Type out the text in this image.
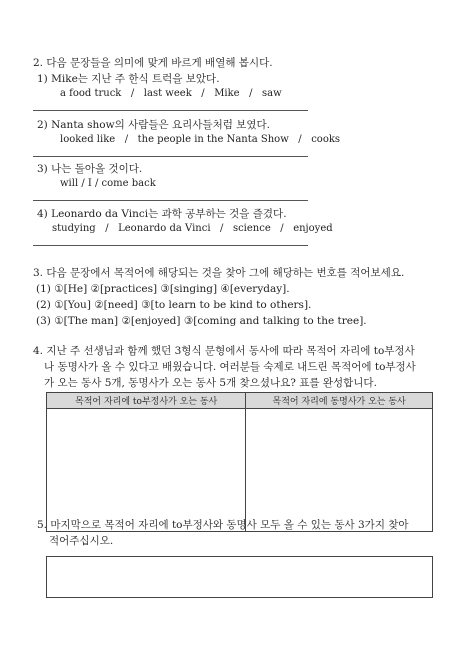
2. 다음 문장들을 의미에 맞게 바르게 배열해 봅시다.
1) Mike는 지난 주 한식 트럭을 보았다.
a food truck   /   last week   /   Mike   /   saw
2) Nanta show의 사람들은 요리사들처럼 보였다.
looked like   /   the people in the Nanta Show   /   cooks
3) 나는 돌아올 것이다.
will / I / come back
4) Leonardo da Vinci는 과학 공부하는 것을 즐겼다.
studying   /   Leonardo da Vinci   /   science   /   enjoyed
3. 다음 문장에서 목적어에 해당되는 것을 찾아 그에 해당하는 번호를 적어보세요.
(1) ①[He] ②[practices] ③[singing] ④[everyday].
(2) ①[You] ②[need] ③[to learn to be kind to others].
(3) ①[The man] ②[enjoyed] ③[coming and talking to the tree].
4. 지난 주 선생님과 함께 했던 3형식 문형에서 동사에 따라 목적어 자리에 to부정사
나 동명사가 올 수 있다고 배웠습니다. 여러분들 숙제로 내드린 목적어에 to부정사
가 오는 동사 5개, 동명사가 오는 동사 5개 찾으셨나요? 표를 완성합니다.
목적어 자리에 to부정사가 오는 동사	목적어 자리에 동명사가 오는 동사

5. 마지막으로 목적어 자리에 to부정사와 동명사 모두 올 수 있는 동사 3가지 찾아
적어주십시오.
